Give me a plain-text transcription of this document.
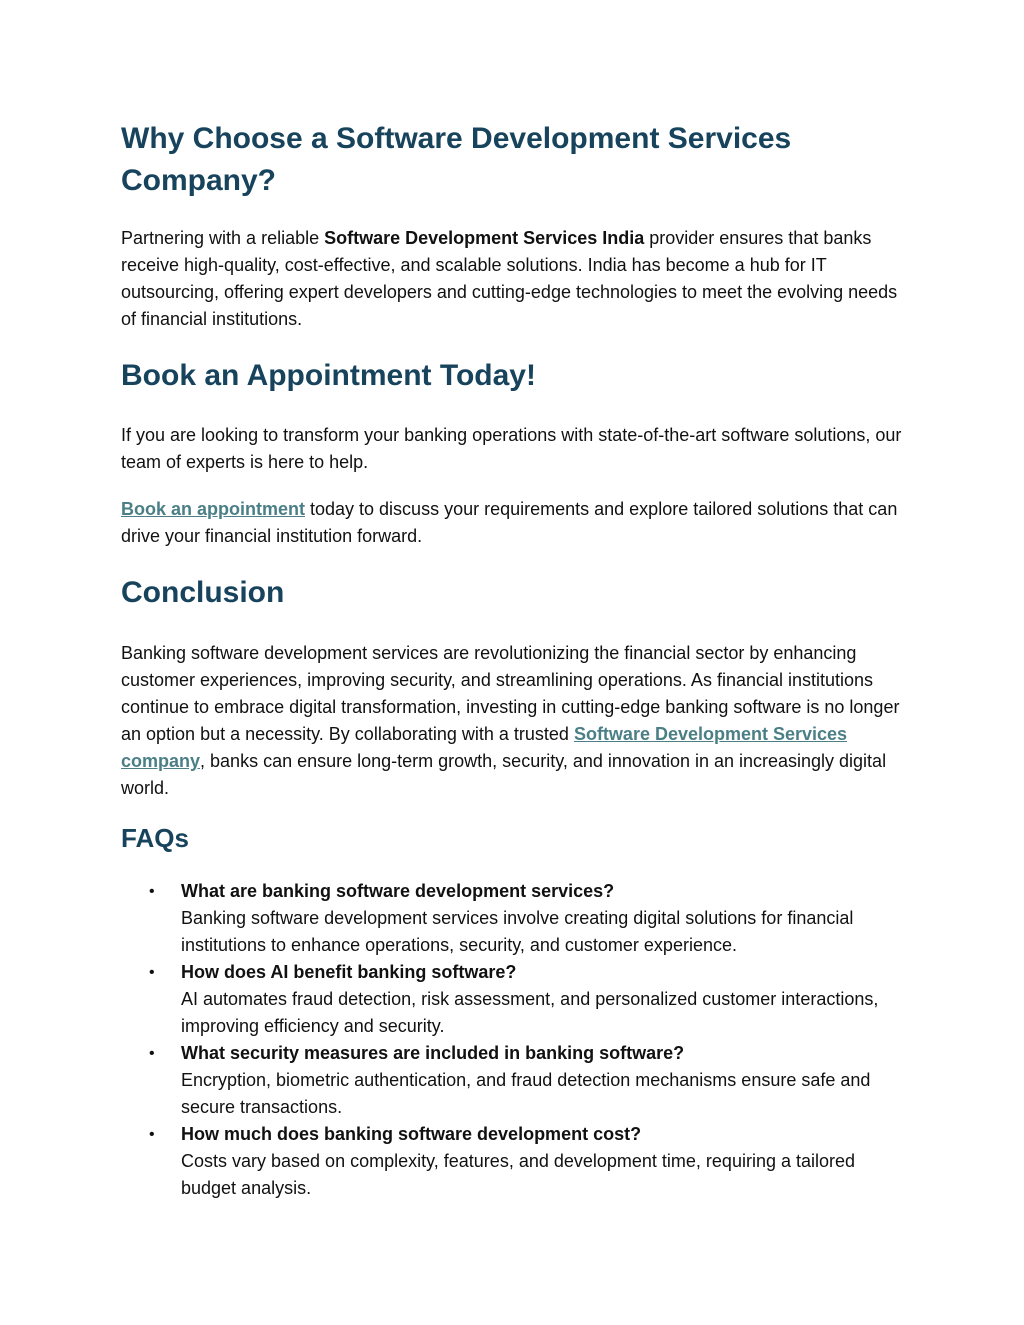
Why Choose a Software Development Services Company?

Partnering with a reliable Software Development Services India provider ensures that banks receive high-quality, cost-effective, and scalable solutions. India has become a hub for IT outsourcing, offering expert developers and cutting-edge technologies to meet the evolving needs of financial institutions.

Book an Appointment Today!

If you are looking to transform your banking operations with state-of-the-art software solutions, our team of experts is here to help.

Book an appointment today to discuss your requirements and explore tailored solutions that can drive your financial institution forward.

Conclusion

Banking software development services are revolutionizing the financial sector by enhancing customer experiences, improving security, and streamlining operations. As financial institutions continue to embrace digital transformation, investing in cutting-edge banking software is no longer an option but a necessity. By collaborating with a trusted Software Development Services company, banks can ensure long-term growth, security, and innovation in an increasingly digital world.

FAQs
• What are banking software development services?
Banking software development services involve creating digital solutions for financial institutions to enhance operations, security, and customer experience.
• How does AI benefit banking software?
AI automates fraud detection, risk assessment, and personalized customer interactions, improving efficiency and security.
• What security measures are included in banking software?
Encryption, biometric authentication, and fraud detection mechanisms ensure safe and secure transactions.
• How much does banking software development cost?
Costs vary based on complexity, features, and development time, requiring a tailored budget analysis.
